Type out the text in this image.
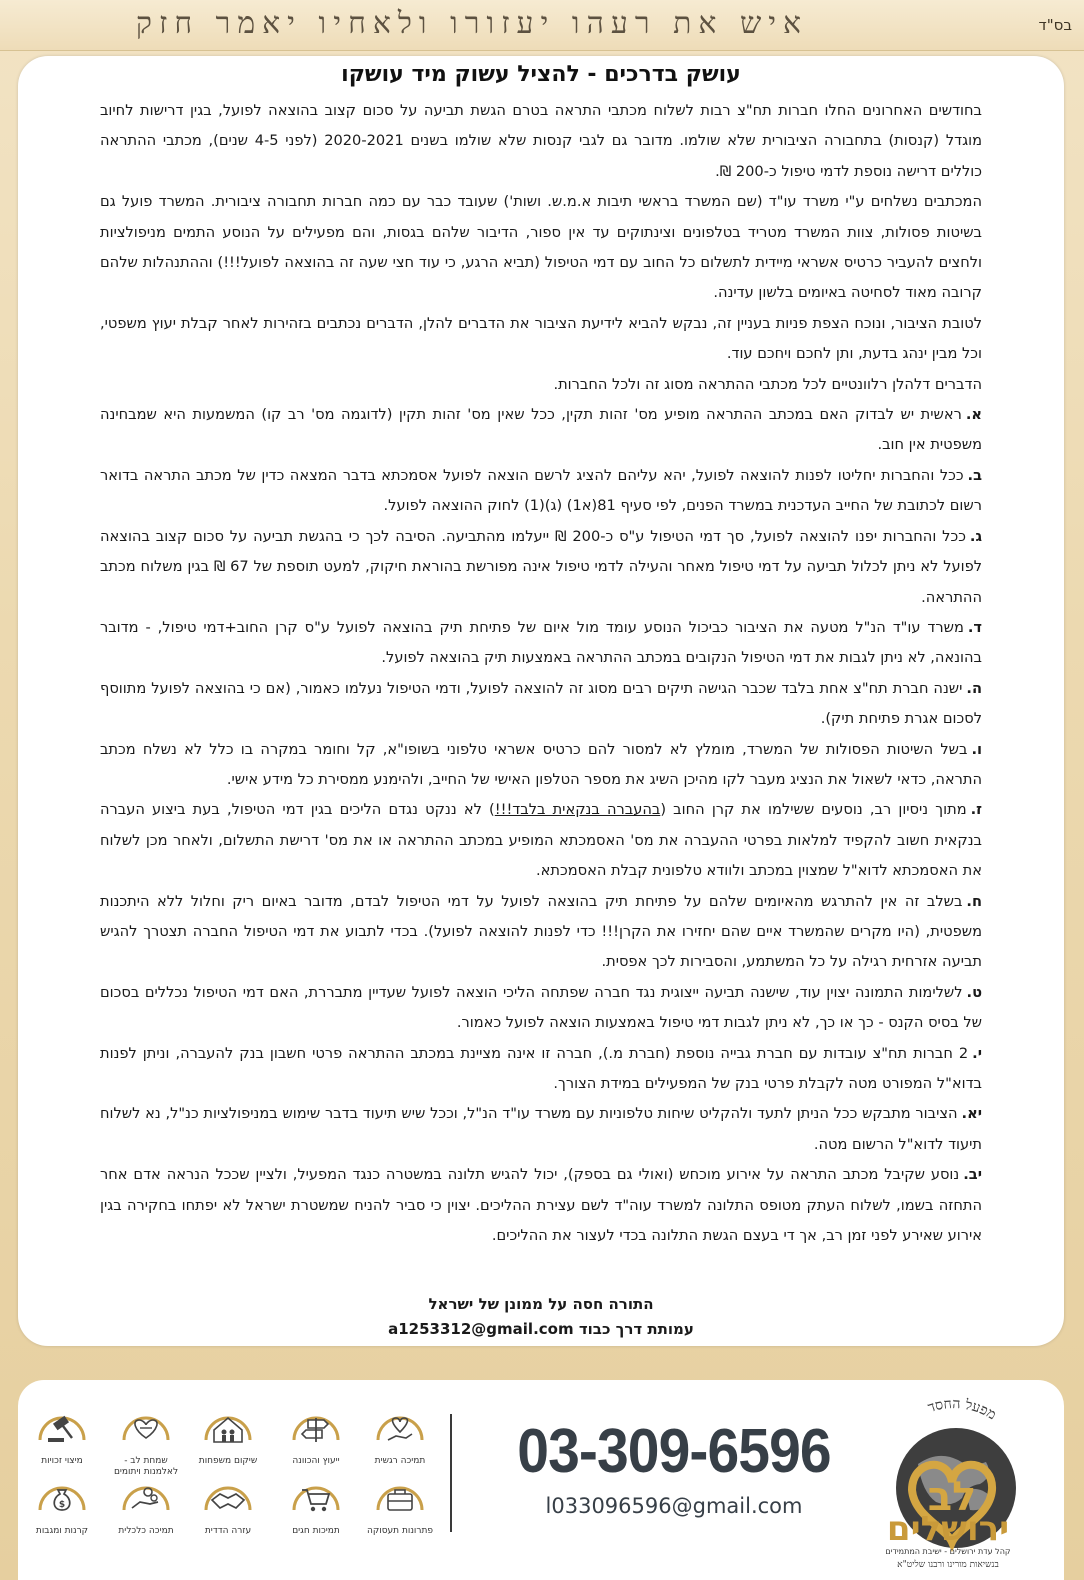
איש את רעהו יעזורו ולאחיו יאמר חזק	בס"ד
עושק בדרכים - להציל עשוק מיד עושקו

בחודשים האחרונים החלו חברות תח"צ רבות לשלוח מכתבי התראה בטרם הגשת תביעה על סכום קצוב בהוצאה לפועל, בגין דרישות לחיוב מוגדל (קנסות) בתחבורה הציבורית שלא שולמו. מדובר גם לגבי קנסות שלא שולמו בשנים 2020-2021 (לפני 4-5 שנים), מכתבי ההתראה כוללים דרישה נוספת לדמי טיפול כ-200 ₪.

המכתבים נשלחים ע"י משרד עו"ד (שם המשרד בראשי תיבות א.מ.ש. ושות') שעובד כבר עם כמה חברות תחבורה ציבורית. המשרד פועל גם בשיטות פסולות, צוות המשרד מטריד בטלפונים וצינתוקים עד אין ספור, הדיבור שלהם בגסות, והם מפעילים על הנוסע התמים מניפולציות ולחצים להעביר כרטיס אשראי מיידית לתשלום כל החוב עם דמי הטיפול (תביא הרגע, כי עוד חצי שעה זה בהוצאה לפועל!!!) וההתנהלות שלהם קרובה מאוד לסחיטה באיומים בלשון עדינה.

לטובת הציבור, ונוכח הצפת פניות בעניין זה, נבקש להביא לידיעת הציבור את הדברים להלן, הדברים נכתבים בזהירות לאחר קבלת יעוץ משפטי, וכל מבין ינהג בדעת, ותן לחכם ויחכם עוד.

הדברים דלהלן רלוונטיים לכל מכתבי ההתראה מסוג זה ולכל החברות.

א.ראשית יש לבדוק האם במכתב ההתראה מופיע מס' זהות תקין, ככל שאין מס' זהות תקין (לדוגמה מס' רב קו) המשמעות היא שמבחינה משפטית אין חוב.

ב.ככל והחברות יחליטו לפנות להוצאה לפועל, יהא עליהם להציג לרשם הוצאה לפועל אסמכתא בדבר המצאה כדין של מכתב התראה בדואר רשום לכתובת של החייב העדכנית במשרד הפנים, לפי סעיף 81(א1) (ג)(1) לחוק ההוצאה לפועל.

ג.ככל והחברות יפנו להוצאה לפועל, סך דמי הטיפול ע"ס כ-200 ₪ ייעלמו מהתביעה. הסיבה לכך כי בהגשת תביעה על סכום קצוב בהוצאה לפועל לא ניתן לכלול תביעה על דמי טיפול מאחר והעילה לדמי טיפול אינה מפורשת בהוראת חיקוק, למעט תוספת של 67 ₪ בגין משלוח מכתב ההתראה.

ד.משרד עו"ד הנ"ל מטעה את הציבור כביכול הנוסע עומד מול איום של פתיחת תיק בהוצאה לפועל ע"ס קרן החוב+דמי טיפול, - מדובר בהונאה, לא ניתן לגבות את דמי הטיפול הנקובים במכתב ההתראה באמצעות תיק בהוצאה לפועל.

ה.ישנה חברת תח"צ אחת בלבד שכבר הגישה תיקים רבים מסוג זה להוצאה לפועל, ודמי הטיפול נעלמו כאמור, (אם כי בהוצאה לפועל מתווסף לסכום אגרת פתיחת תיק).

ו.בשל השיטות הפסולות של המשרד, מומלץ לא למסור להם כרטיס אשראי טלפוני בשופו"א, קל וחומר במקרה בו כלל לא נשלח מכתב התראה, כדאי לשאול את הנציג מעבר לקו מהיכן השיג את מספר הטלפון האישי של החייב, ולהימנע ממסירת כל מידע אישי.

ז.מתוך ניסיון רב, נוסעים ששילמו את קרן החוב (בהעברה בנקאית בלבד!!!) לא ננקט נגדם הליכים בגין דמי הטיפול, בעת ביצוע העברה בנקאית חשוב להקפיד למלאות בפרטי ההעברה את מס' האסמכתא המופיע במכתב ההתראה או את מס' דרישת התשלום, ולאחר מכן לשלוח את האסמכתא לדוא"ל שמצוין במכתב ולוודא טלפונית קבלת האסמכתא.

ח.בשלב זה אין להתרגש מהאיומים שלהם על פתיחת תיק בהוצאה לפועל על דמי הטיפול לבדם, מדובר באיום ריק וחלול ללא היתכנות משפטית, (היו מקרים שהמשרד איים שהם יחזירו את הקרן!!! כדי לפנות להוצאה לפועל). בכדי לתבוע את דמי הטיפול החברה תצטרך להגיש תביעה אזרחית רגילה על כל המשתמע, והסבירות לכך אפסית.

ט.לשלימות התמונה יצוין עוד, שישנה תביעה ייצוגית נגד חברה שפתחה הליכי הוצאה לפועל שעדיין מתבררת, האם דמי הטיפול נכללים בסכום של בסיס הקנס - כך או כך, לא ניתן לגבות דמי טיפול באמצעות הוצאה לפועל כאמור.

י.2 חברות תח"צ עובדות עם חברת גבייה נוספת (חברת מ.), חברה זו אינה מציינת במכתב ההתראה פרטי חשבון בנק להעברה, וניתן לפנות בדוא"ל המפורט מטה לקבלת פרטי בנק של המפעילים במידת הצורך.

יא.הציבור מתבקש ככל הניתן לתעד ולהקליט שיחות טלפוניות עם משרד עו"ד הנ"ל, וככל שיש תיעוד בדבר שימוש במניפולציות כנ"ל, נא לשלוח תיעוד לדוא"ל הרשום מטה.

יב.נוסע שקיבל מכתב התראה על אירוע מוכחש (ואולי גם בספק), יכול להגיש תלונה במשטרה כנגד המפעיל, ולציין שככל הנראה אדם אחר התחזה בשמו, לשלוח העתק מטופס התלונה למשרד עוה"ד לשם עצירת ההליכים. יצוין כי סביר להניח שמשטרת ישראל לא יפתחו בחקירה בגין אירוע שאירע לפני זמן רב, אך די בעצם הגשת התלונה בכדי לעצור את ההליכים.

התורה חסה על ממונן של ישראל
עמותת דרך כבוד a1253312@gmail.com
מפעל החסד
לב
ירושלים
קהל עדת ירושלים - ישיבת המתמידים
בנשיאות מורינו ורבנו שליט"א
03-309-6596
l033096596@gmail.com
תמיכה רגשית
ייעוץ והכוונה
שיקום משפחות
שמחת לב - לאלמנות ויתומים
מיצוי זכויות
פתרונות תעסוקה
תמיכות חגים
עזרה הדדית
תמיכה כלכלית
$
קרנות ומגבות
